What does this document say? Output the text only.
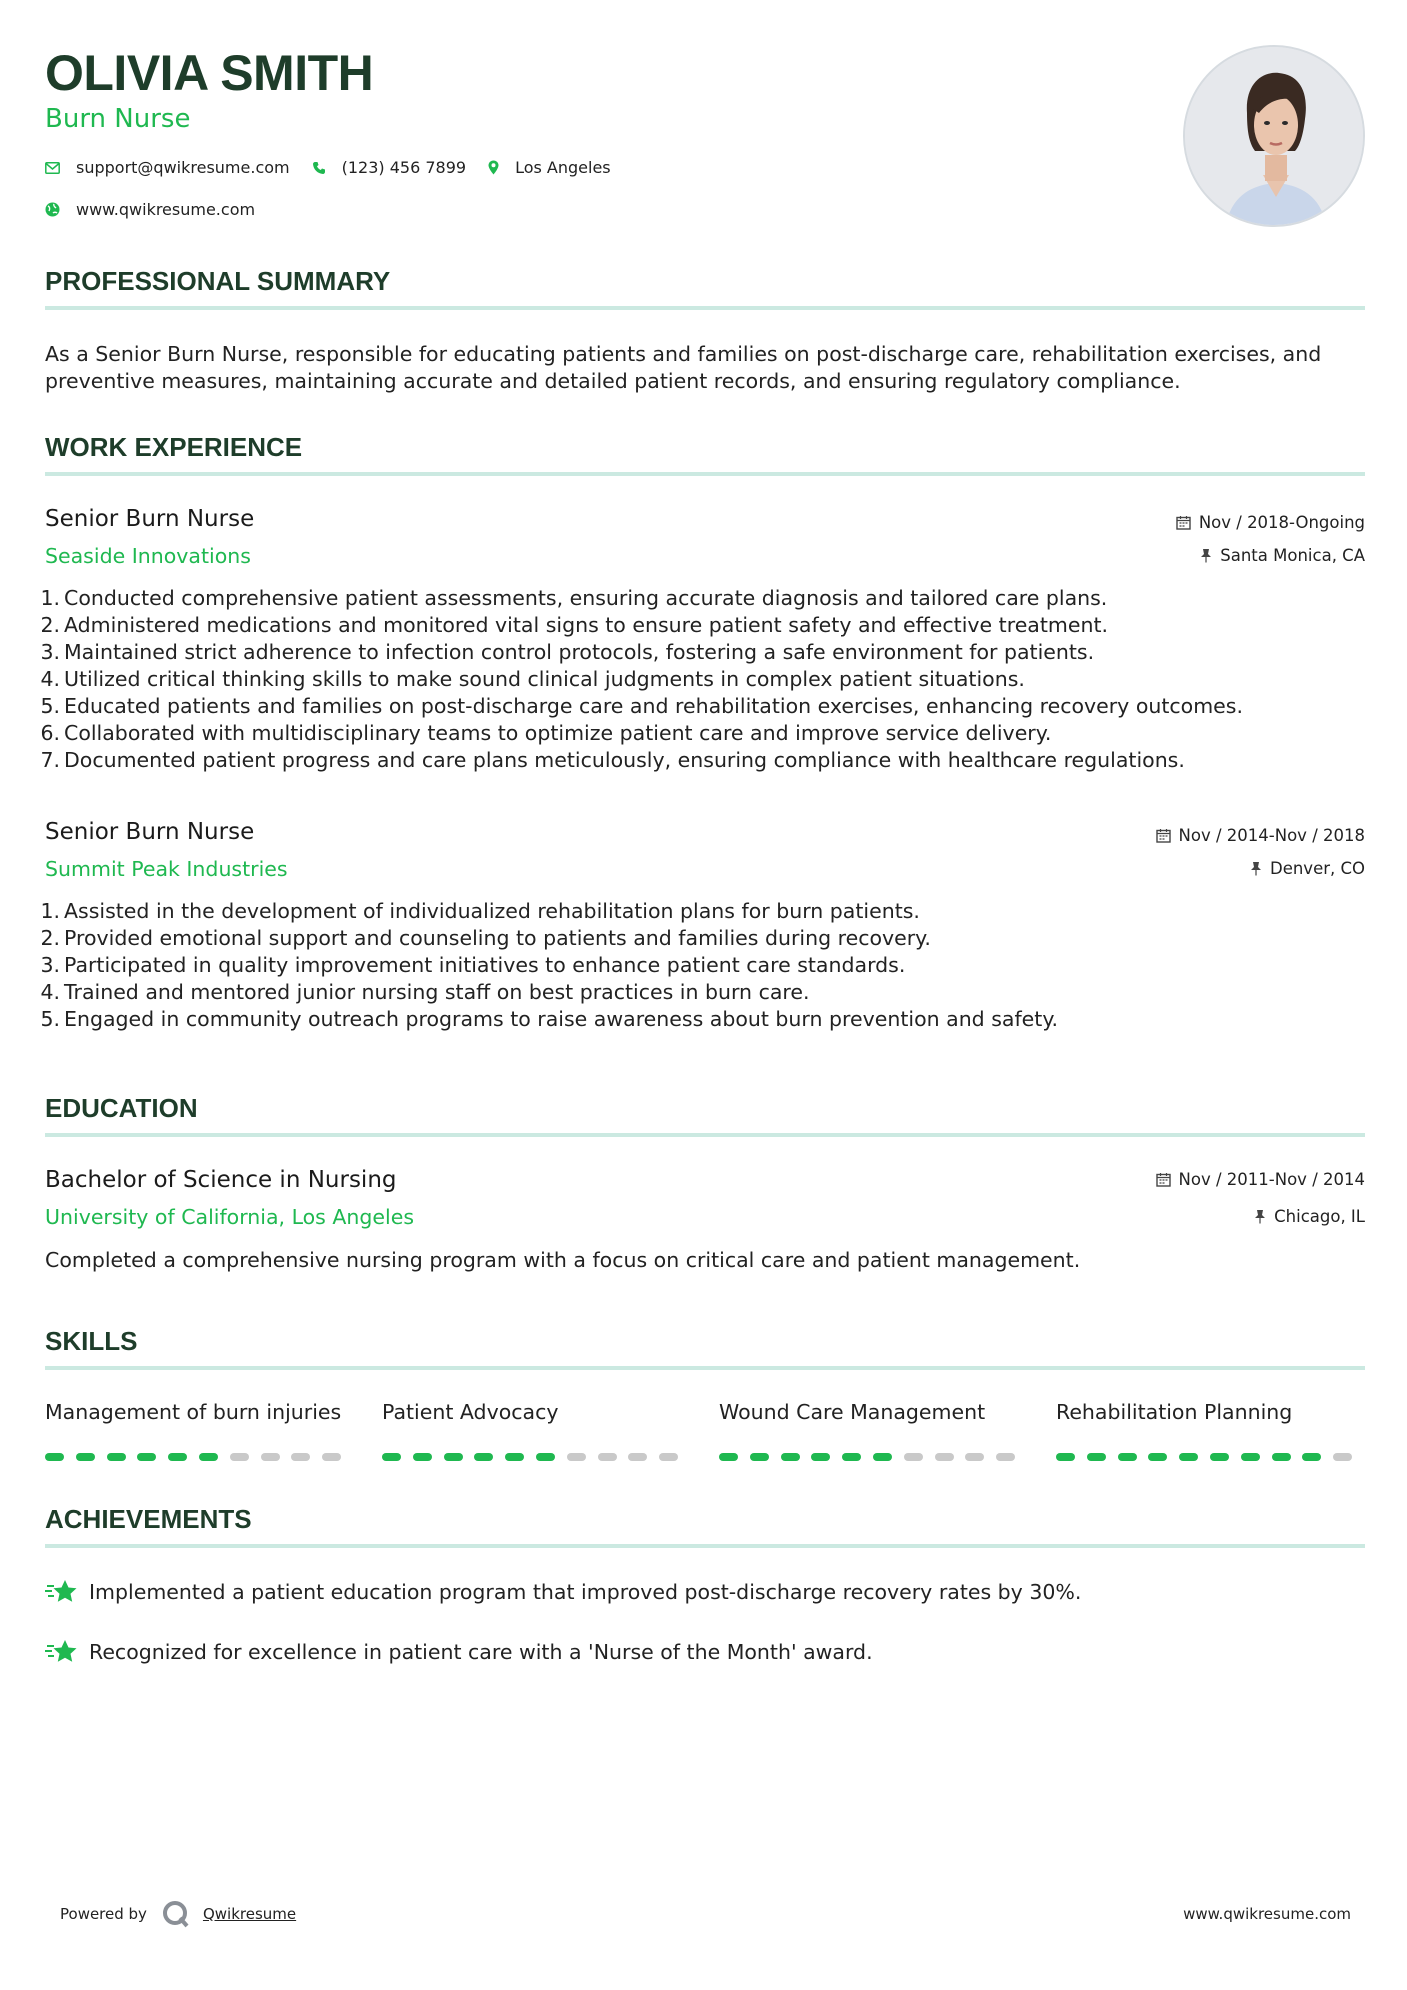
OLIVIA SMITH
Burn Nurse
support@qwikresume.com	(123) 456 7899	Los Angeles
www.qwikresume.com
PROFESSIONAL SUMMARY
As a Senior Burn Nurse, responsible for educating patients and families on post-discharge care, rehabilitation exercises, and preventive measures, maintaining accurate and detailed patient records, and ensuring regulatory compliance.
WORK EXPERIENCE
Senior Burn Nurse
Seaside Innovations
Nov / 2018-Ongoing
Santa Monica, CA
1. Conducted comprehensive patient assessments, ensuring accurate diagnosis and tailored care plans.
2. Administered medications and monitored vital signs to ensure patient safety and effective treatment.
3. Maintained strict adherence to infection control protocols, fostering a safe environment for patients.
4. Utilized critical thinking skills to make sound clinical judgments in complex patient situations.
5. Educated patients and families on post-discharge care and rehabilitation exercises, enhancing recovery outcomes.
6. Collaborated with multidisciplinary teams to optimize patient care and improve service delivery.
7. Documented patient progress and care plans meticulously, ensuring compliance with healthcare regulations.
Senior Burn Nurse
Summit Peak Industries
Nov / 2014-Nov / 2018
Denver, CO
1. Assisted in the development of individualized rehabilitation plans for burn patients.
2. Provided emotional support and counseling to patients and families during recovery.
3. Participated in quality improvement initiatives to enhance patient care standards.
4. Trained and mentored junior nursing staff on best practices in burn care.
5. Engaged in community outreach programs to raise awareness about burn prevention and safety.
EDUCATION
Bachelor of Science in Nursing
University of California, Los Angeles
Nov / 2011-Nov / 2014
Chicago, IL
Completed a comprehensive nursing program with a focus on critical care and patient management.
SKILLS
Management of burn injuries Patient Advocacy	Wound Care Management	Rehabilitation Planning
ACHIEVEMENTS
Implemented a patient education program that improved post-discharge recovery rates by 30%.
Recognized for excellence in patient care with a 'Nurse of the Month' award.
Powered by	Qwikresume	www.qwikresume.com
